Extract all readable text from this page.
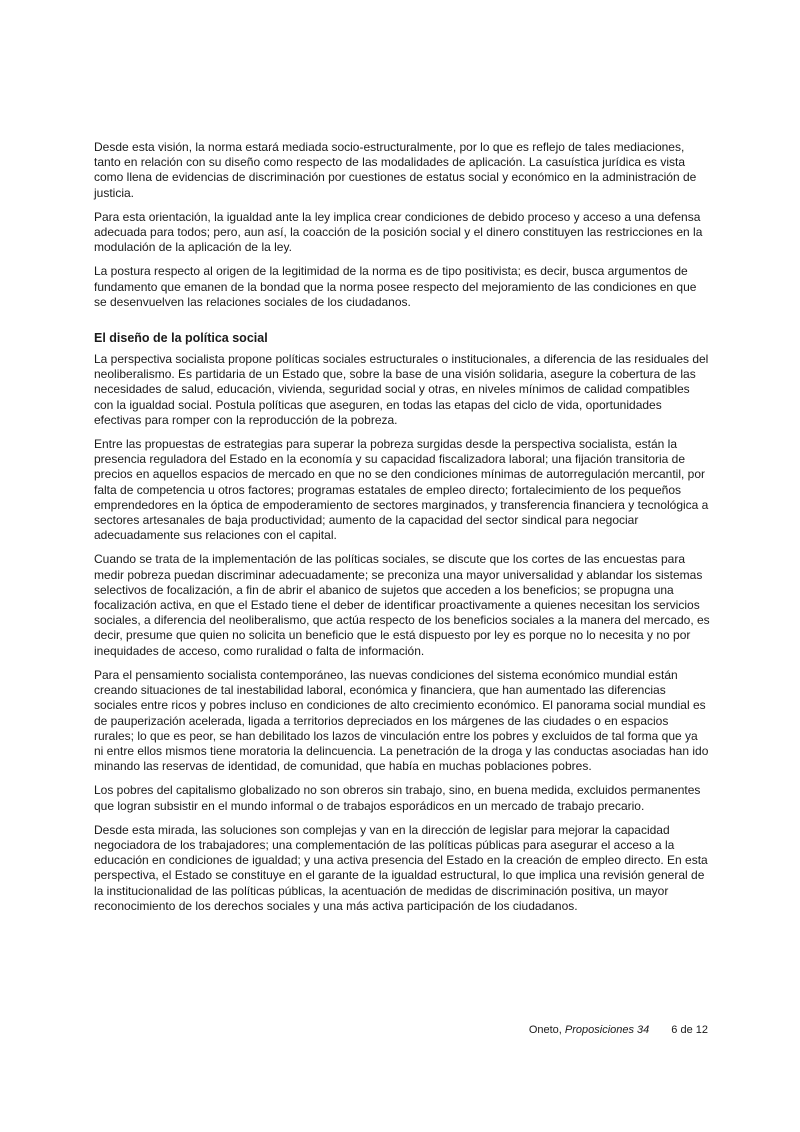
Desde esta visión, la norma estará mediada socio-estructuralmente, por lo que es reflejo de tales mediaciones, tanto en relación con su diseño como respecto de las modalidades de aplicación. La casuística jurídica es vista como llena de evidencias de discriminación por cuestiones de estatus social y económico en la administración de justicia.

Para esta orientación, la igualdad ante la ley implica crear condiciones de debido proceso y acceso a una defensa adecuada para todos; pero, aun así, la coacción de la posición social y el dinero constituyen las restricciones en la modulación de la aplicación de la ley.

La postura respecto al origen de la legitimidad de la norma es de tipo positivista; es decir, busca argumentos de fundamento que emanen de la bondad que la norma posee respecto del mejoramiento de las condiciones en que se desenvuelven las relaciones sociales de los ciudadanos.

El diseño de la política social

La perspectiva socialista propone políticas sociales estructurales o institucionales, a diferencia de las residuales del neoliberalismo. Es partidaria de un Estado que, sobre la base de una visión solidaria, asegure la cobertura de las necesidades de salud, educación, vivienda, seguridad social y otras, en niveles mínimos de calidad compatibles con la igualdad social. Postula políticas que aseguren, en todas las etapas del ciclo de vida, oportunidades efectivas para romper con la reproducción de la pobreza.

Entre las propuestas de estrategias para superar la pobreza surgidas desde la perspectiva socialista, están la presencia reguladora del Estado en la economía y su capacidad fiscalizadora laboral; una fijación transitoria de precios en aquellos espacios de mercado en que no se den condiciones mínimas de autorregulación mercantil, por falta de competencia u otros factores; programas estatales de empleo directo; fortalecimiento de los pequeños emprendedores en la óptica de empoderamiento de sectores marginados, y transferencia financiera y tecnológica a sectores artesanales de baja productividad; aumento de la capacidad del sector sindical para negociar adecuadamente sus relaciones con el capital.

Cuando se trata de la implementación de las políticas sociales, se discute que los cortes de las encuestas para medir pobreza puedan discriminar adecuadamente; se preconiza una mayor universalidad y ablandar los sistemas selectivos de focalización, a fin de abrir el abanico de sujetos que acceden a los beneficios; se propugna una focalización activa, en que el Estado tiene el deber de identificar proactivamente a quienes necesitan los servicios sociales, a diferencia del neoliberalismo, que actúa respecto de los beneficios sociales a la manera del mercado, es decir, presume que quien no solicita un beneficio que le está dispuesto por ley es porque no lo necesita y no por inequidades de acceso, como ruralidad o falta de información.

Para el pensamiento socialista contemporáneo, las nuevas condiciones del sistema económico mundial están creando situaciones de tal inestabilidad laboral, económica y financiera, que han aumentado las diferencias sociales entre ricos y pobres incluso en condiciones de alto crecimiento económico. El panorama social mundial es de pauperización acelerada, ligada a territorios depreciados en los márgenes de las ciudades o en espacios rurales; lo que es peor, se han debilitado los lazos de vinculación entre los pobres y excluidos de tal forma que ya ni entre ellos mismos tiene moratoria la delincuencia. La penetración de la droga y las conductas asociadas han ido minando las reservas de identidad, de comunidad, que había en muchas poblaciones pobres.

Los pobres del capitalismo globalizado no son obreros sin trabajo, sino, en buena medida, excluidos permanentes que logran subsistir en el mundo informal o de trabajos esporádicos en un mercado de trabajo precario.

Desde esta mirada, las soluciones son complejas y van en la dirección de legislar para mejorar la capacidad negociadora de los trabajadores; una complementación de las políticas públicas para asegurar el acceso a la educación en condiciones de igualdad; y una activa presencia del Estado en la creación de empleo directo. En esta perspectiva, el Estado se constituye en el garante de la igualdad estructural, lo que implica una revisión general de la institucionalidad de las políticas públicas, la acentuación de medidas de discriminación positiva, un mayor reconocimiento de los derechos sociales y una más activa participación de los ciudadanos.

Oneto, Proposiciones 34 6 de 12
